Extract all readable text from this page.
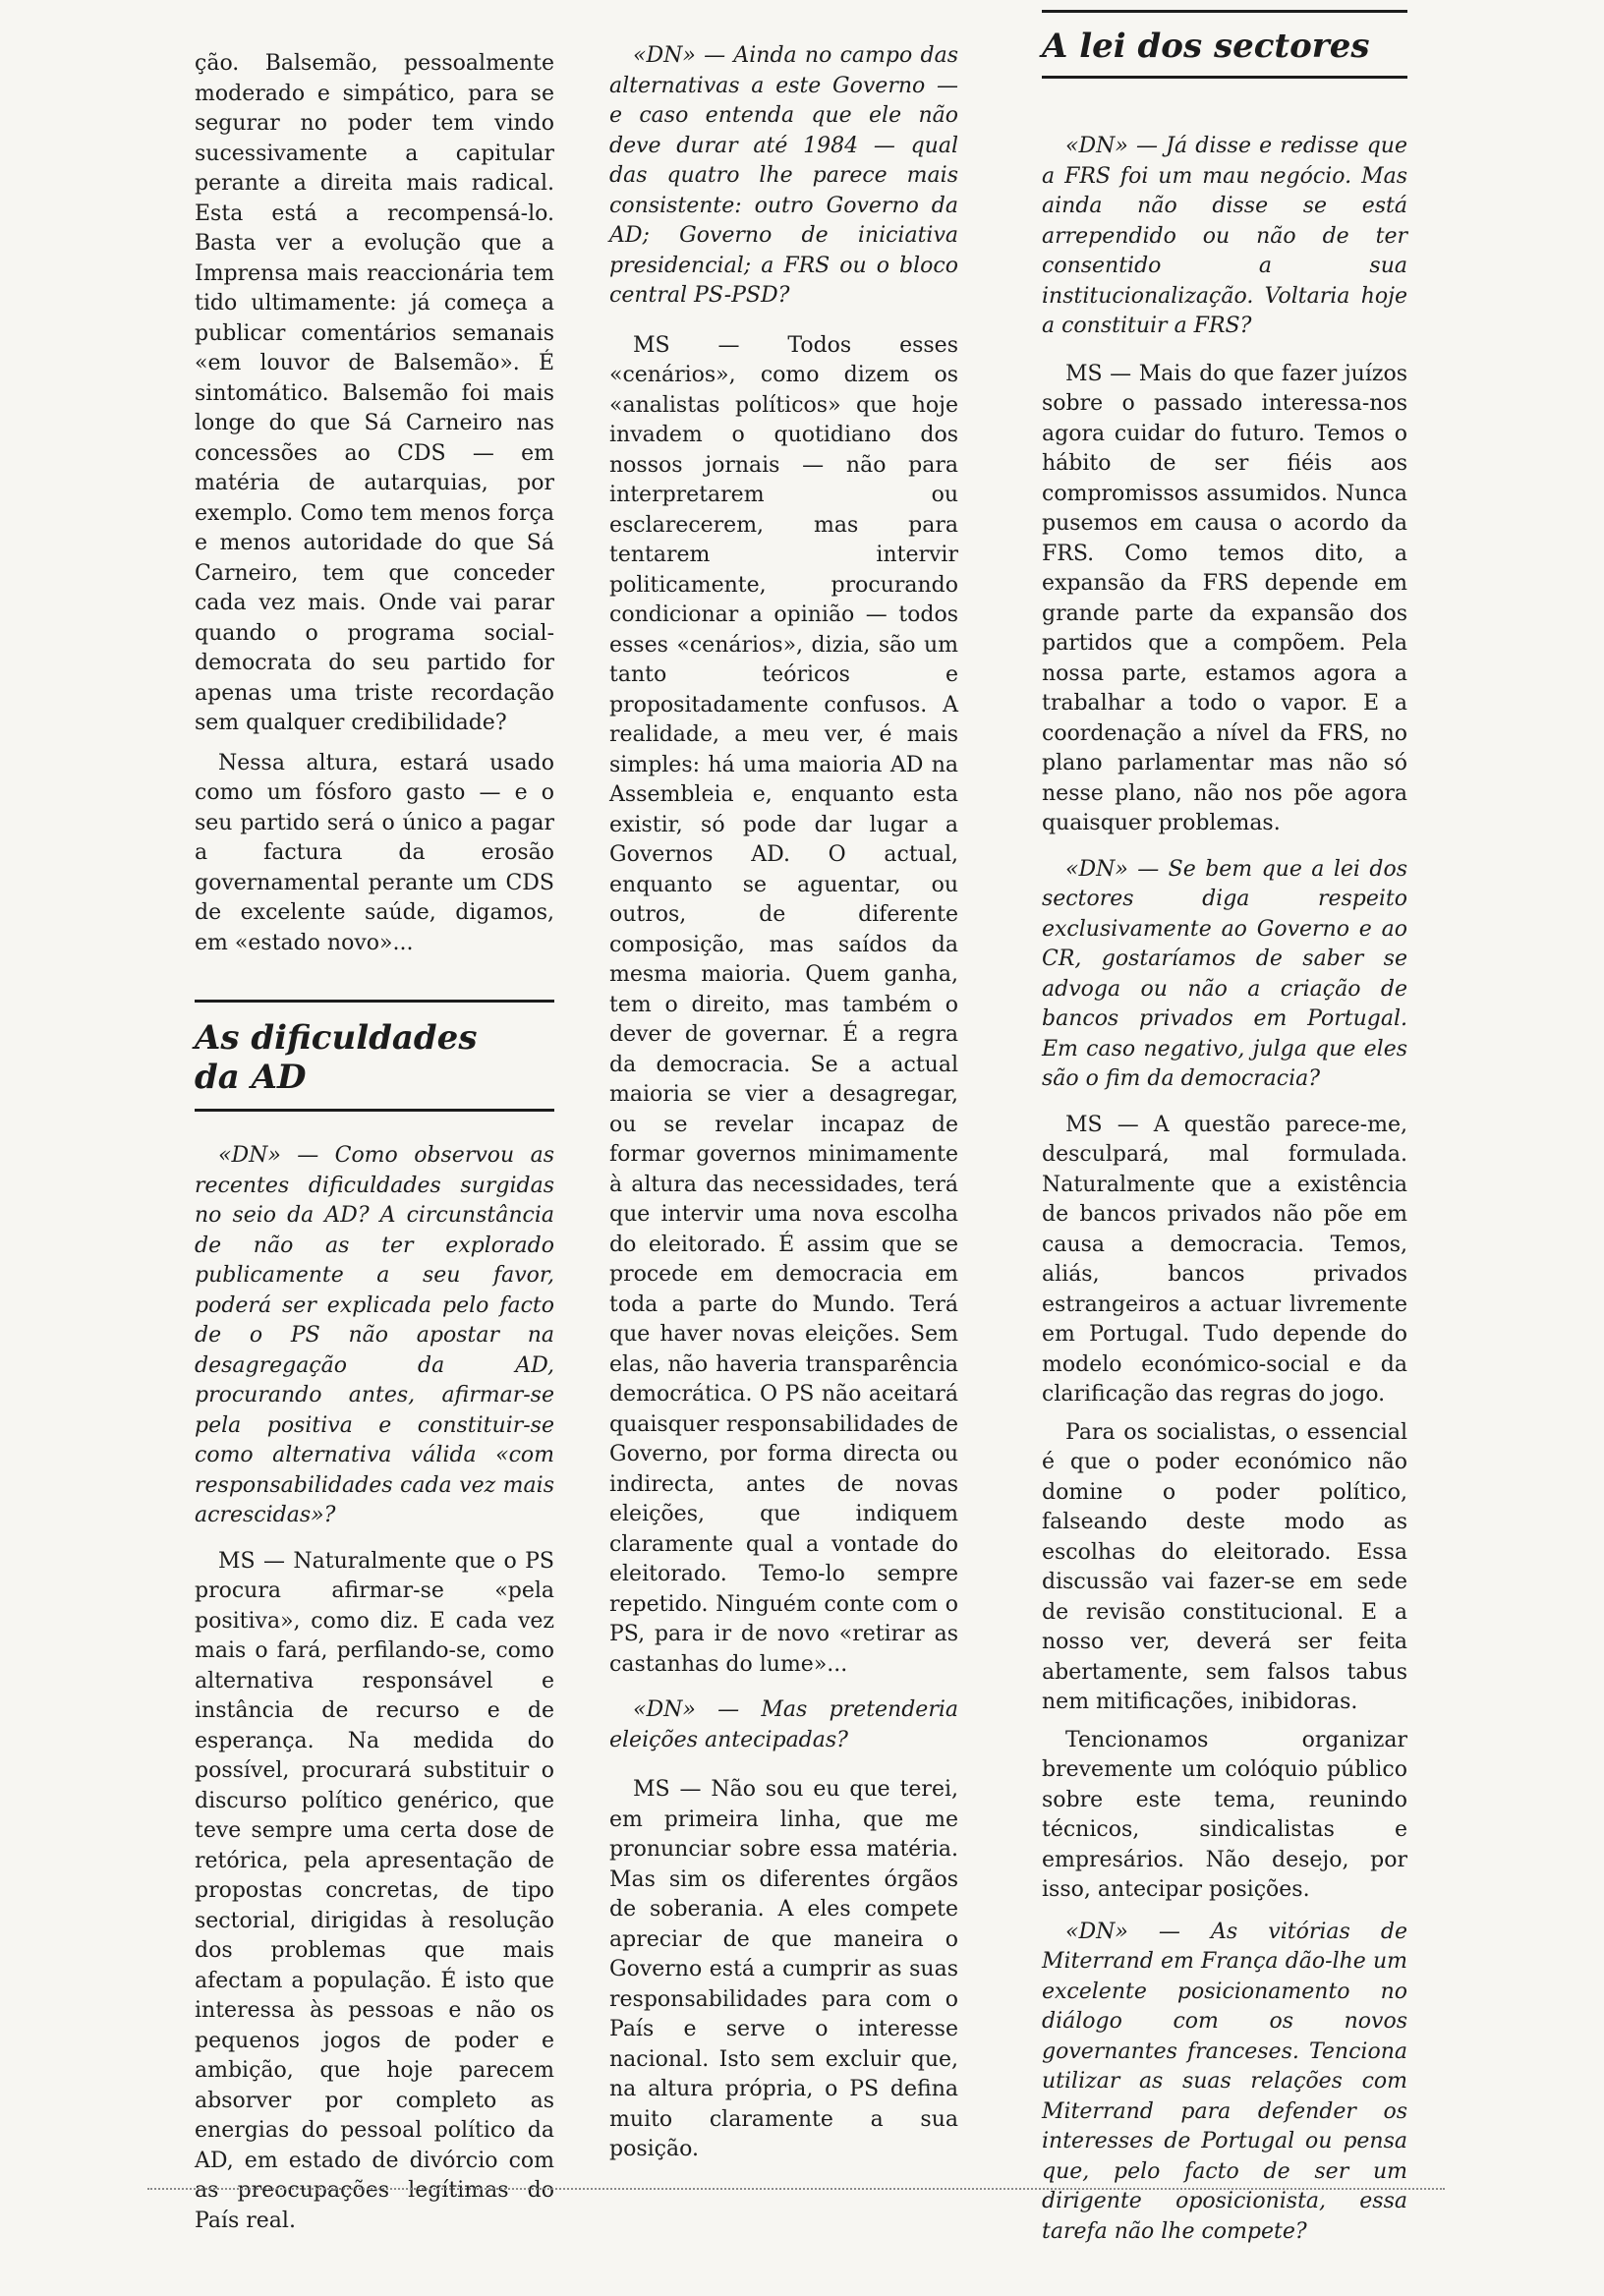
ção. Balsemão, pessoalmente moderado e simpático, para se segurar no poder tem vindo sucessivamente a capitular perante a direita mais radical. Esta está a recompensá-lo. Basta ver a evolução que a Imprensa mais reaccionária tem tido ultimamente: já começa a publicar comentários semanais «em louvor de Balsemão». É sintomático. Balsemão foi mais longe do que Sá Carneiro nas concessões ao CDS — em matéria de autarquias, por exemplo. Como tem menos força e menos autoridade do que Sá Carneiro, tem que conceder cada vez mais. Onde vai parar quando o programa social-democrata do seu partido for apenas uma triste recordação sem qualquer credibilidade?

Nessa altura, estará usado como um fósforo gasto — e o seu partido será o único a pagar a factura da erosão governamental perante um CDS de excelente saúde, digamos, em «estado novo»...

As dificuldades
da AD

«DN» — Como observou as recentes dificuldades surgidas no seio da AD? A circunstância de não as ter explorado publicamente a seu favor, poderá ser explicada pelo facto de o PS não apostar na desagregação da AD, procurando antes, afirmar-se pela positiva e constituir-se como alternativa válida «com responsabilidades cada vez mais acrescidas»?

MS — Naturalmente que o PS procura afirmar-se «pela positiva», como diz. E cada vez mais o fará, perfilando-se, como alternativa responsável e instância de recurso e de esperança. Na medida do possível, procurará substituir o discurso político genérico, que teve sempre uma certa dose de retórica, pela apresentação de propostas concretas, de tipo sectorial, dirigidas à resolução dos problemas que mais afectam a população. É isto que interessa às pessoas e não os pequenos jogos de poder e ambição, que hoje parecem absorver por completo as energias do pessoal político da AD, em estado de divórcio com as preocupações legítimas do País real.

«DN» — Ainda no campo das alternativas a este Governo — e caso entenda que ele não deve durar até 1984 — qual das quatro lhe parece mais consistente: outro Governo da AD; Governo de iniciativa presidencial; a FRS ou o bloco central PS-PSD?

MS — Todos esses «cenários», como dizem os «analistas políticos» que hoje invadem o quotidiano dos nossos jornais — não para interpretarem ou esclarecerem, mas para tentarem intervir politicamente, procurando condicionar a opinião — todos esses «cenários», dizia, são um tanto teóricos e propositadamente confusos. A realidade, a meu ver, é mais simples: há uma maioria AD na Assembleia e, enquanto esta existir, só pode dar lugar a Governos AD. O actual, enquanto se aguentar, ou outros, de diferente composição, mas saídos da mesma maioria. Quem ganha, tem o direito, mas também o dever de governar. É a regra da democracia. Se a actual maioria se vier a desagregar, ou se revelar incapaz de formar governos minimamente à altura das necessidades, terá que intervir uma nova escolha do eleitorado. É assim que se procede em democracia em toda a parte do Mundo. Terá que haver novas eleições. Sem elas, não haveria transparência democrática. O PS não aceitará quaisquer responsabilidades de Governo, por forma directa ou indirecta, antes de novas eleições, que indiquem claramente qual a vontade do eleitorado. Temo-lo sempre repetido. Ninguém conte com o PS, para ir de novo «retirar as castanhas do lume»...

«DN» — Mas pretenderia eleições antecipadas?

MS — Não sou eu que terei, em primeira linha, que me pronunciar sobre essa matéria. Mas sim os diferentes órgãos de soberania. A eles compete apreciar de que maneira o Governo está a cumprir as suas responsabilidades para com o País e serve o interesse nacional. Isto sem excluir que, na altura própria, o PS defina muito claramente a sua posição.

A lei dos sectores

«DN» — Já disse e redisse que a FRS foi um mau negócio. Mas ainda não disse se está arrependido ou não de ter consentido a sua institucionalização. Voltaria hoje a constituir a FRS?

MS — Mais do que fazer juízos sobre o passado interessa-nos agora cuidar do futuro. Temos o hábito de ser fiéis aos compromissos assumidos. Nunca pusemos em causa o acordo da FRS. Como temos dito, a expansão da FRS depende em grande parte da expansão dos partidos que a compõem. Pela nossa parte, estamos agora a trabalhar a todo o vapor. E a coordenação a nível da FRS, no plano parlamentar mas não só nesse plano, não nos põe agora quaisquer problemas.

«DN» — Se bem que a lei dos sectores diga respeito exclusivamente ao Governo e ao CR, gostaríamos de saber se advoga ou não a criação de bancos privados em Portugal. Em caso negativo, julga que eles são o fim da democracia?

MS — A questão parece-me, desculpará, mal formulada. Naturalmente que a existência de bancos privados não põe em causa a democracia. Temos, aliás, bancos privados estrangeiros a actuar livremente em Portugal. Tudo depende do modelo económico-social e da clarificação das regras do jogo.

Para os socialistas, o essencial é que o poder económico não domine o poder político, falseando deste modo as escolhas do eleitorado. Essa discussão vai fazer-se em sede de revisão constitucional. E a nosso ver, deverá ser feita abertamente, sem falsos tabus nem mitificações, inibidoras.

Tencionamos organizar brevemente um colóquio público sobre este tema, reunindo técnicos, sindicalistas e empresários. Não desejo, por isso, antecipar posições.

«DN» — As vitórias de Miterrand em França dão-lhe um excelente posicionamento no diálogo com os novos governantes franceses. Tenciona utilizar as suas relações com Miterrand para defender os interesses de Portugal ou pensa que, pelo facto de ser um dirigente oposicionista, essa tarefa não lhe compete?
